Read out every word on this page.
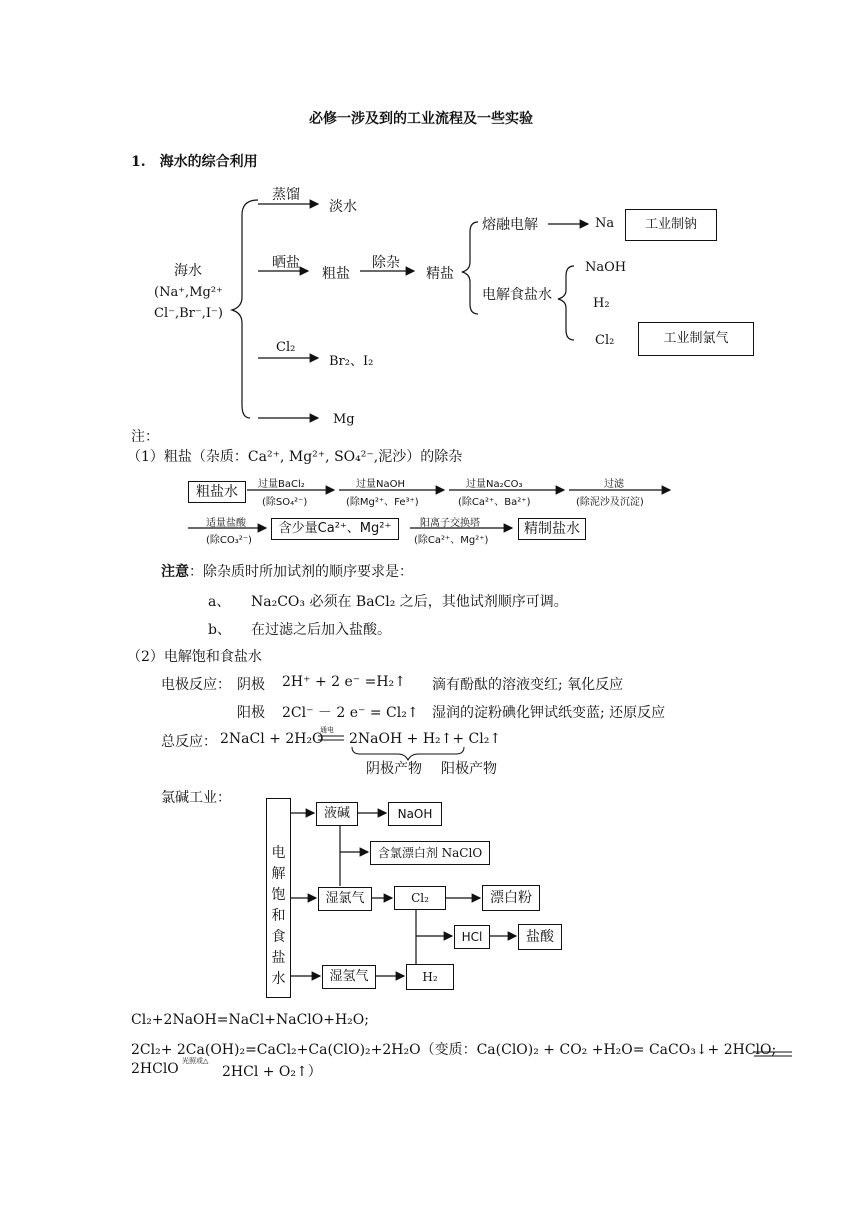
必修一涉及到的工业流程及一些实验
1.　海水的综合利用
海水
(Na⁺,Mg²⁺
Cl⁻,Br⁻,I⁻)
蒸馏
淡水
晒盐
粗盐
除杂
精盐
Cl₂
Br₂、I₂
Mg
熔融电解	Na	工业制钠
电解食盐水
NaOH
H₂
Cl₂	工业制氯气
注：
（1）粗盐（杂质：Ca²⁺, Mg²⁺, SO₄²⁻,泥沙）的除杂
粗盐水	过量BaCl₂
(除SO₄²⁻)
过量NaOH
(除Mg²⁺、Fe³⁺)
过量Na₂CO₃
(除Ca²⁺、Ba²⁺)
过滤
(除泥沙及沉淀)
适量盐酸
(除CO₃²⁻)
含少量Ca²⁺、Mg²⁺	阳离子交换塔
(除Ca²⁺、Mg²⁺)
精制盐水
注意：除杂质时所加试剂的顺序要求是：
a、 Na₂CO₃ 必须在 BaCl₂ 之后，其他试剂顺序可调。
b、 在过滤之后加入盐酸。
（2）电解饱和食盐水
电极反应： 阴极 2H⁺ + 2 e⁻ =H₂↑ 滴有酚酞的溶液变红; 氧化反应
阳极 2Cl⁻ － 2 e⁻ = Cl₂↑ 湿润的淀粉碘化钾试纸变蓝; 还原反应
总反应： 2NaCl + 2H₂O
通电
2NaOH + H₂↑+ Cl₂↑
阴极产物 阳极产物
氯碱工业：
电
解
饱
和
食
盐
水
液碱	NaOH
含氯漂白剂 NaClO
湿氯气	Cl₂	漂白粉
HCl	盐酸
湿氢气	H₂
Cl₂+2NaOH=NaCl+NaClO+H₂O;
2Cl₂+ 2Ca(OH)₂=CaCl₂+Ca(ClO)₂+2H₂O（变质：Ca(ClO)₂ + CO₂ +H₂O= CaCO₃↓+ 2HClO;
2HClO 光照或△
2HCl + O₂↑）
